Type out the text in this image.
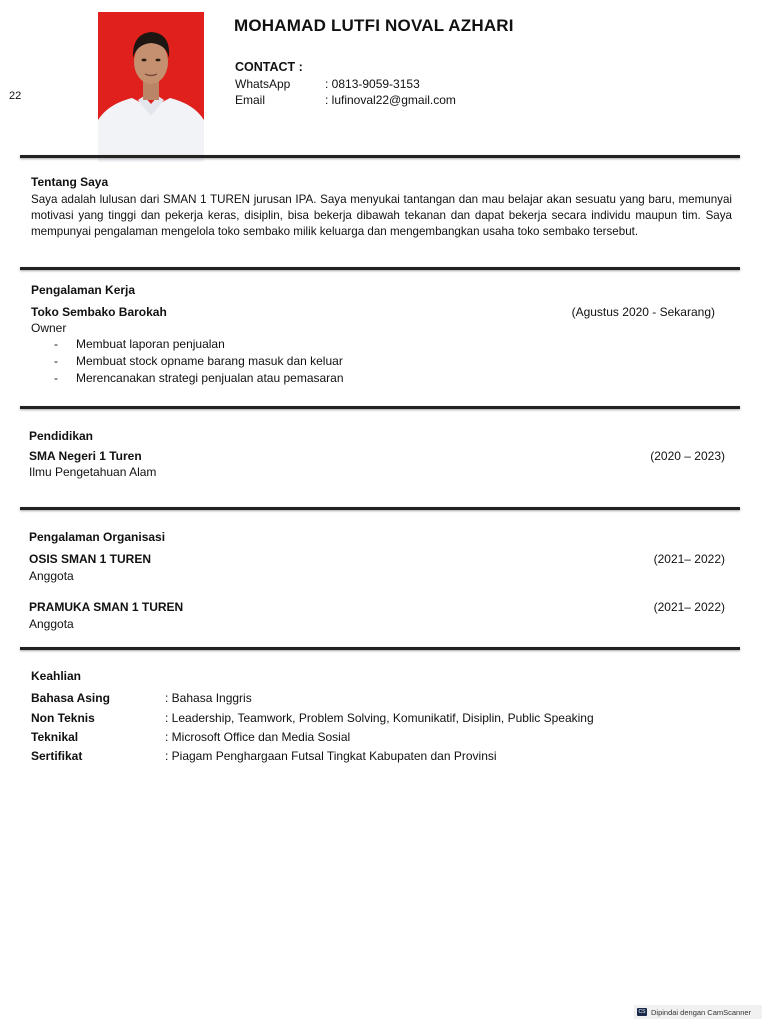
22
MOHAMAD LUTFI NOVAL AZHARI
CONTACT :
WhatsApp	: 0813-9059-3153
Email	: lufinoval22@gmail.com
Tentang Saya
Saya adalah lulusan dari SMAN 1 TUREN jurusan IPA. Saya menyukai tantangan dan mau belajar akan sesuatu yang baru, memunyai motivasi yang tinggi dan pekerja keras, disiplin, bisa bekerja dibawah tekanan dan dapat bekerja secara individu maupun tim. Saya mempunyai pengalaman mengelola toko sembako milik keluarga dan mengembangkan usaha toko sembako tersebut.
Pengalaman Kerja
Toko Sembako Barokah	(Agustus 2020 - Sekarang)
Owner
- Membuat laporan penjualan
- Membuat stock opname barang masuk dan keluar
- Merencanakan strategi penjualan atau pemasaran
Pendidikan
SMA Negeri 1 Turen	(2020 – 2023)
Ilmu Pengetahuan Alam
Pengalaman Organisasi
OSIS SMAN 1 TUREN	(2021– 2022)
Anggota
PRAMUKA SMAN 1 TUREN	(2021– 2022)
Anggota
Keahlian
Bahasa Asing	: Bahasa Inggris
Non Teknis	: Leadership, Teamwork, Problem Solving, Komunikatif, Disiplin, Public Speaking
Teknikal	: Microsoft Office dan Media Sosial
Sertifikat	: Piagam Penghargaan Futsal Tingkat Kabupaten dan Provinsi
CS Dipindai dengan CamScanner
